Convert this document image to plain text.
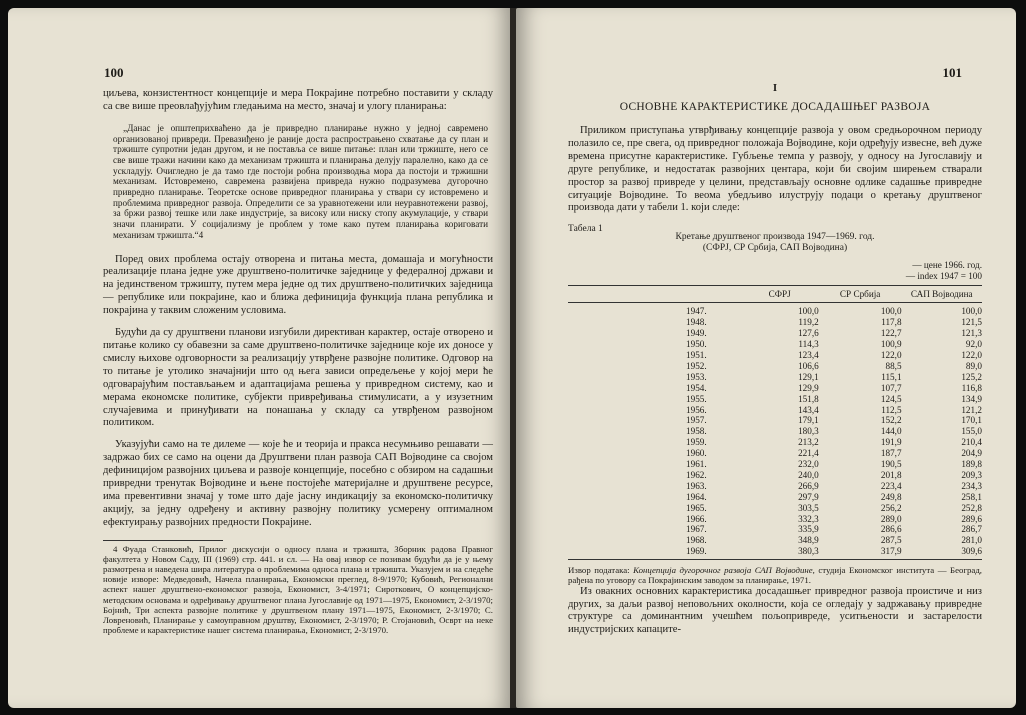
100

циљева, конзистентност концепције и мера Покрајине потребно поставити у складу са све више преовлађујућим гледањима на место, значај и улогу планирања:

„Данас је општеприхваћено да је привредно планирање нужно у једној савремено организованој привреди. Превазиђено је раније доста распрострањено схватање да су план и тржиште супротни један другом, и не поставља се више питање: план или тржиште, него се све више тражи начини како да механизам тржишта и планирања делују паралелно, како да се ускладују. Очигледно је да тамо где постоји робна производња мора да постоји и тржишни механизам. Истовремено, савремена развијена привреда нужно подразумева дугорочно привредно планирање. Теоретске основе привредног планирања у ствари су истовремено и проблемима привредног развоја. Определити се за уравнотежени или неуравнотежени развој, за бржи развој тешке или лаке индустрије, за високу или ниску стопу акумулације, у ствари значи планирати. У социјализму је проблем у томе како путем планирања кориговати механизам тржишта.“4

Поред ових проблема остају отворена и питања места, домашаја и могућности реализације плана једне уже друштвено-политичке заједнице у федералној држави и на јединственом тржишту, путем мера једне од тих друштвено-политичких заједница — републике или покрајине, као и ближа дефиниција функција плана република и покрајина у таквим сложеним условима.

Будући да су друштвени планови изгубили директиван карактер, остаје отворено и питање колико су обавезни за саме друштвено-политичке заједнице које их доносе у смислу њихове одговорности за реализацију утврђене развојне политике. Одговор на то питање је утолико значајнији што од њега зависи опредељење у којој мери ће одговарајућим постављањем и адаптацијама решења у привредном систему, као и мерама економске политике, субјекти привређивања стимулисати, а у изузетним случајевима и принуђивати на понашања у складу са утврђеном развојном политиком.

Указујући само на те дилеме — које ће и теорија и пракса несумњиво решавати — задржао бих се само на оцени да Друштвени план развоја САП Војводине са својом дефиницијом развојних циљева и развоје концепције, посебно с обзиром на садашњи привредни тренутак Војводине и њене постојеће материјалне и друштвене ресурсе, има превентивни значај у томе што даје јасну индикацију за економско-политичку акцију, за једну одређену и активну развојну политику усмерену оптималном ефектуирању развојних предности Покрајине.

4 Фуада Станковић, Прилог дискусији о односу плана и тржишта, Зборник радова Правног факултета у Новом Саду, III (1969) стр. 441. и сл. — На овај извор се позивам будући да је у њему размотрена и наведена шира литература о проблемима односа плана и тржишта. Указујем и на следеће новије изворе: Медведовић, Начела планирања, Економски преглед, 8-9/1970; Кубовић, Регионални аспект нашег друштвено-економског развоја, Економист, 3-4/1971; Сироткович, О концепцијско-методским основама и одређивању друштвеног плана Југославије од 1971—1975, Економист, 2-3/1970; Бојнић, Три аспекта развојне политике у друштвеном плану 1971—1975, Економист, 2-3/1970; С. Ловреновић, Планирање у самоуправном друштву, Економист, 2-3/1970; Р. Стојановић, Осврт на неке проблеме и карактеристике нашег система планирања, Економист, 2-3/1970.

101
I
ОСНОВНЕ КАРАКТЕРИСТИКЕ ДОСАДАШЊЕГ РАЗВОЈА

Приликом приступања утврђивању концепције развоја у овом средњорочном периоду полазило се, пре свега, од привредног положаја Војводине, који одређују извесне, већ дуже времена присутне карактеристике. Губљење темпа у развоју, у односу на Југославију и друге републике, и недостатак развојних центара, који би својим ширењем стварали простор за развој привреде у целини, представљају основне одлике садашње привредне ситуације Војводине. То веома убедљиво илуструју подаци о кретању друштвеног производа дати у табели 1. који следе:

Табела 1
Кретање друштвеног производа 1947—1969. год.
(СФРЈ, СР Србија, САП Војводина)
— цене 1966. год.
— index 1947 = 100
	СФРЈ	СР Србија	САП Војводина
1947.	100,0	100,0	100,0
1948.	119,2	117,8	121,5
1949.	127,6	122,7	121,3
1950.	114,3	100,9	92,0
1951.	123,4	122,0	122,0
1952.	106,6	88,5	89,0
1953.	129,1	115,1	125,2
1954.	129,9	107,7	116,8
1955.	151,8	124,5	134,9
1956.	143,4	112,5	121,2
1957.	179,1	152,2	170,1
1958.	180,3	144,0	155,0
1959.	213,2	191,9	210,4
1960.	221,4	187,7	204,9
1961.	232,0	190,5	189,8
1962.	240,0	201,8	209,3
1963.	266,9	223,4	234,3
1964.	297,9	249,8	258,1
1965.	303,5	256,2	252,8
1966.	332,3	289,0	289,6
1967.	335,9	286,6	286,7
1968.	348,9	287,5	281,0
1969.	380,3	317,9	309,6
Извор података: Концепција дугорочног развоја САП Војводине, студија Економског института — Београд, рађена по уговору са Покрајинским заводом за планирање, 1971.

Из овакних основних карактеристика досадашњег привредног развоја проистиче и низ других, за даљи развој неповољних околности, која се огледају у задржавању привредне структуре са доминантним учешћем пољопривреде, уситњености и застарелости индустријских капаците-
